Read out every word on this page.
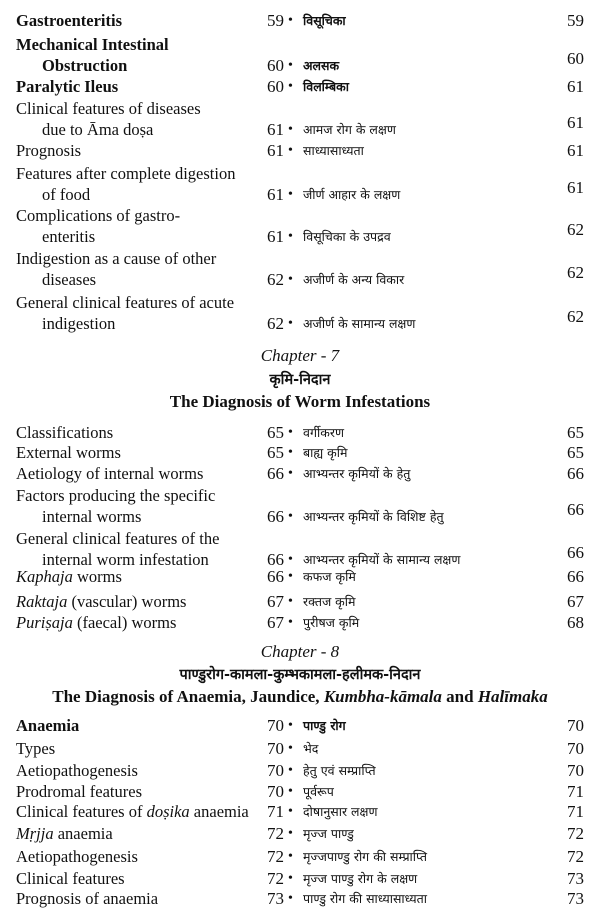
Gastroenteritis	59 • विसूचिका	59
Mechanical Intestinal
Obstruction	60 • अलसक	60
Paralytic Ileus	60 • विलम्बिका	61
Clinical features of diseases
due to Āma doṣa	61 • आमज रोग के लक्षण	61
Prognosis	61 • साध्यासाध्यता	61
Features after complete digestion
of food	61 • जीर्ण आहार के लक्षण	61
Complications of gastro-
enteritis	61 • विसूचिका के उपद्रव	62
Indigestion as a cause of other
diseases	62 • अजीर्ण के अन्य विकार	62
General clinical features of acute
indigestion	62 • अजीर्ण के सामान्य लक्षण	62
Chapter - 7
कृमि-निदान
The Diagnosis of Worm Infestations
Classifications	65 • वर्गीकरण	65
External worms	65 • बाह्य कृमि	65
Aetiology of internal worms	66 • आभ्यन्तर कृमियों के हेतु	66
Factors producing the specific
internal worms	66 • आभ्यन्तर कृमियों के विशिष्ट हेतु	66
General clinical features of the
internal worm infestation	66 • आभ्यन्तर कृमियों के सामान्य लक्षण	66
Kaphaja worms	66 • कफज कृमि	66
Raktaja (vascular) worms	67 • रक्तज कृमि	67
Puriṣaja (faecal) worms	67 • पुरीषज कृमि	68
Chapter - 8
पाण्डुरोग-कामला-कुम्भकामला-हलीमक-निदान
The Diagnosis of Anaemia, Jaundice, Kumbha-kāmala and Halīmaka
Anaemia	70 • पाण्डु रोग	70
Types	70 • भेद	70
Aetiopathogenesis	70 • हेतु एवं सम्प्राप्ति	70
Prodromal features	70 • पूर्वरूप	71
Clinical features of doṣika anaemia	71 • दोषानुसार लक्षण	71
Mṛjja anaemia	72 • मृज्ज पाण्डु	72
Aetiopathogenesis	72 • मृज्जपाण्डु रोग की सम्प्राप्ति	72
Clinical features	72 • मृज्ज पाण्डु रोग के लक्षण	73
Prognosis of anaemia	73 • पाण्डु रोग की साध्यासाध्यता	73
